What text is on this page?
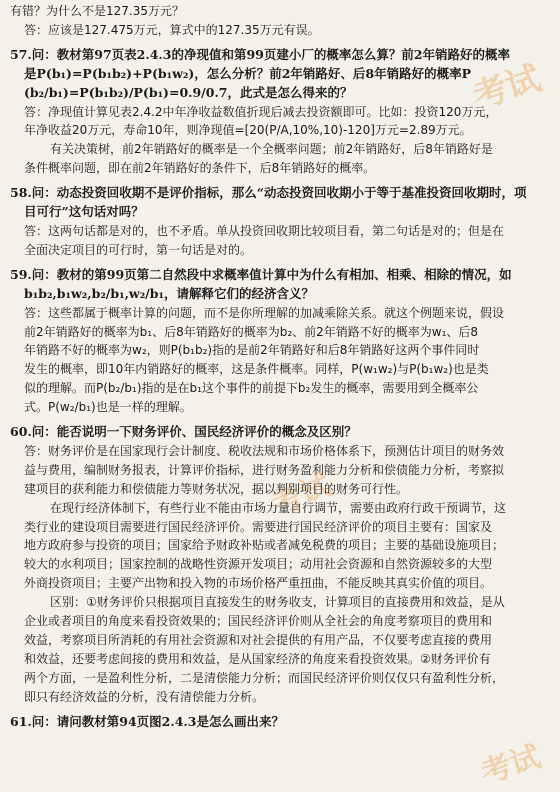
考试
考试
考试
有错？为什么不是127.35万元？
答：应该是127.475万元，算式中的127.35万元有误。
57.问：教材第97页表2.4.3的净现值和第99页建小厂的概率怎么算？前2年销路好的概率
是P(b₁)=P(b₁b₂)+P(b₁w₂)，怎么分析？前2年销路好、后8年销路好的概率P
(b₂/b₁)=P(b₁b₂)/P(b₁)=0.9/0.7，此式是怎么得来的？
答：净现值计算见表2.4.2中年净收益数值折现后减去投资额即可。比如：投资120万元，
年净收益20万元，寿命10年，则净现值=[20(P/A,10%,10)-120]万元=2.89万元。
有关决策树，前2年销路好的概率是一个全概率问题；前2年销路好，后8年销路好是
条件概率问题，即在前2年销路好的条件下，后8年销路好的概率。
58.问：动态投资回收期不是评价指标，那么“动态投资回收期小于等于基准投资回收期时，项
目可行”这句话对吗？
答：这两句话都是对的，也不矛盾。单从投资回收期比较项目看，第二句话是对的；但是在
全面决定项目的可行时，第一句话是对的。
59.问：教材的第99页第二自然段中求概率值计算中为什么有相加、相乘、相除的情况，如
b₁b₂,b₁w₂,b₂/b₁,w₂/b₁，请解释它们的经济含义？
答：这些都属于概率计算的问题，而不是你所理解的加减乘除关系。就这个例题来说，假设
前2年销路好的概率为b₁、后8年销路好的概率为b₂、前2年销路不好的概率为w₁、后8
年销路不好的概率为w₂，则P(b₁b₂)指的是前2年销路好和后8年销路好这两个事件同时
发生的概率，即10年内销路好的概率，这是条件概率。同样，P(w₁w₂)与P(b₁w₂)也是类
似的理解。而P(b₂/b₁)指的是在b₁这个事件的前提下b₂发生的概率，需要用到全概率公
式。P(w₂/b₁)也是一样的理解。
60.问：能否说明一下财务评价、国民经济评价的概念及区别？
答：财务评价是在国家现行会计制度、税收法规和市场价格体系下，预测估计项目的财务效
益与费用，编制财务报表，计算评价指标，进行财务盈利能力分析和偿债能力分析，考察拟
建项目的获利能力和偿债能力等财务状况，据以判别项目的财务可行性。
在现行经济体制下，有些行业不能由市场力量自行调节，需要由政府行政干预调节，这
类行业的建设项目需要进行国民经济评价。需要进行国民经济评价的项目主要有：国家及
地方政府参与投资的项目；国家给予财政补贴或者减免税费的项目；主要的基础设施项目；
较大的水利项目；国家控制的战略性资源开发项目；动用社会资源和自然资源较多的大型
外商投资项目；主要产出物和投入物的市场价格严重扭曲，不能反映其真实价值的项目。
区别：①财务评价只根据项目直接发生的财务收支，计算项目的直接费用和效益，是从
企业或者项目的角度来看投资效果的；国民经济评价则从全社会的角度考察项目的费用和
效益，考察项目所消耗的有用社会资源和对社会提供的有用产品，不仅要考虑直接的费用
和效益，还要考虑间接的费用和效益，是从国家经济的角度来看投资效果。②财务评价有
两个方面，一是盈利性分析，二是清偿能力分析；而国民经济评价则仅仅只有盈利性分析，
即只有经济效益的分析，没有清偿能力分析。
61.问：请问教材第94页图2.4.3是怎么画出来？
